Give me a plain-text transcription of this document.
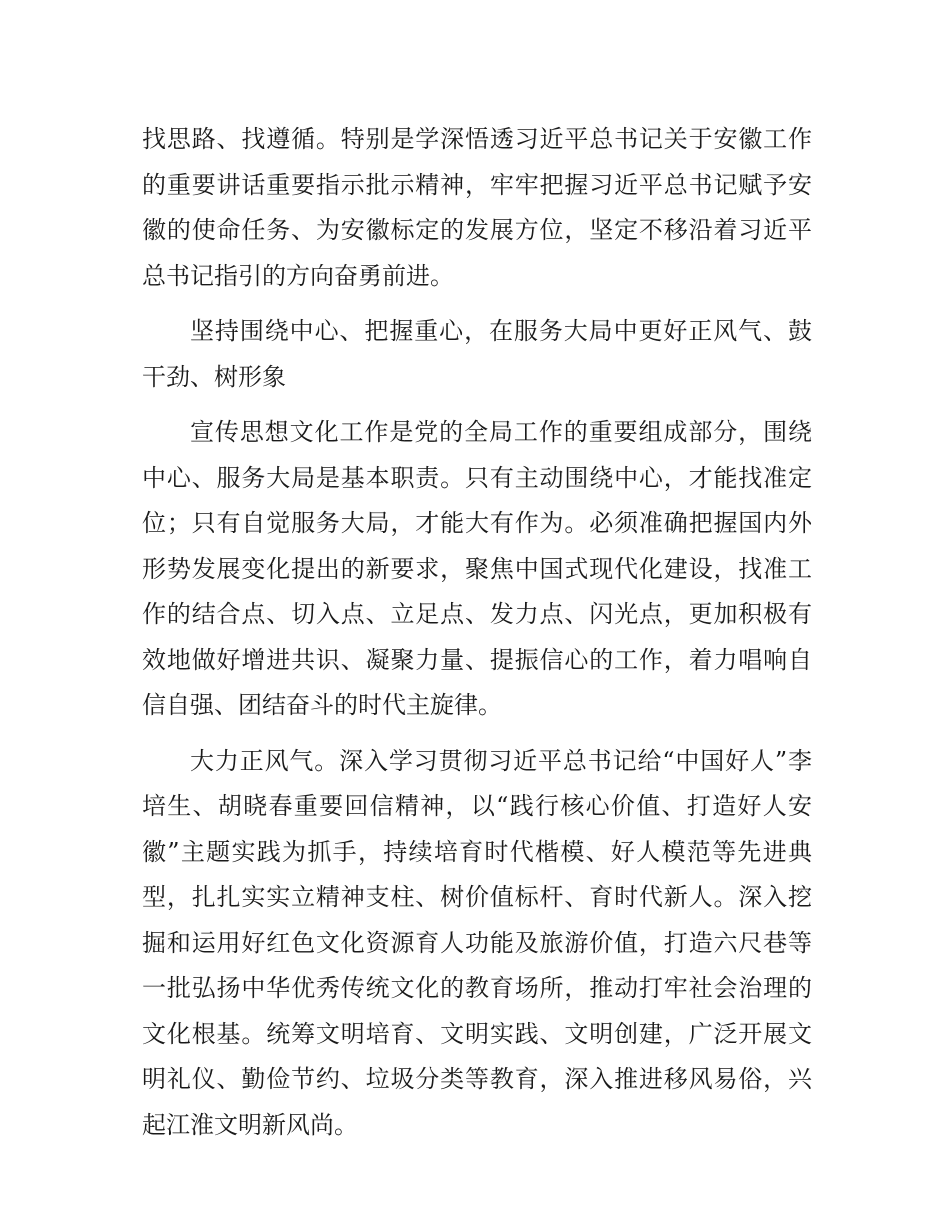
找思路、找遵循。特别是学深悟透习近平总书记关于安徽工作的重要讲话重要指示批示精神，牢牢把握习近平总书记赋予安徽的使命任务、为安徽标定的发展方位，坚定不移沿着习近平总书记指引的方向奋勇前进。

坚持围绕中心、把握重心，在服务大局中更好正风气、鼓干劲、树形象

宣传思想文化工作是党的全局工作的重要组成部分，围绕中心、服务大局是基本职责。只有主动围绕中心，才能找准定位；只有自觉服务大局，才能大有作为。必须准确把握国内外形势发展变化提出的新要求，聚焦中国式现代化建设，找准工作的结合点、切入点、立足点、发力点、闪光点，更加积极有效地做好增进共识、凝聚力量、提振信心的工作，着力唱响自信自强、团结奋斗的时代主旋律。

大力正风气。深入学习贯彻习近平总书记给“中国好人”李培生、胡晓春重要回信精神，以“践行核心价值、打造好人安徽”主题实践为抓手，持续培育时代楷模、好人模范等先进典型，扎扎实实立精神支柱、树价值标杆、育时代新人。深入挖掘和运用好红色文化资源育人功能及旅游价值，打造六尺巷等一批弘扬中华优秀传统文化的教育场所，推动打牢社会治理的文化根基。统筹文明培育、文明实践、文明创建，广泛开展文明礼仪、勤俭节约、垃圾分类等教育，深入推进移风易俗，兴起江淮文明新风尚。
